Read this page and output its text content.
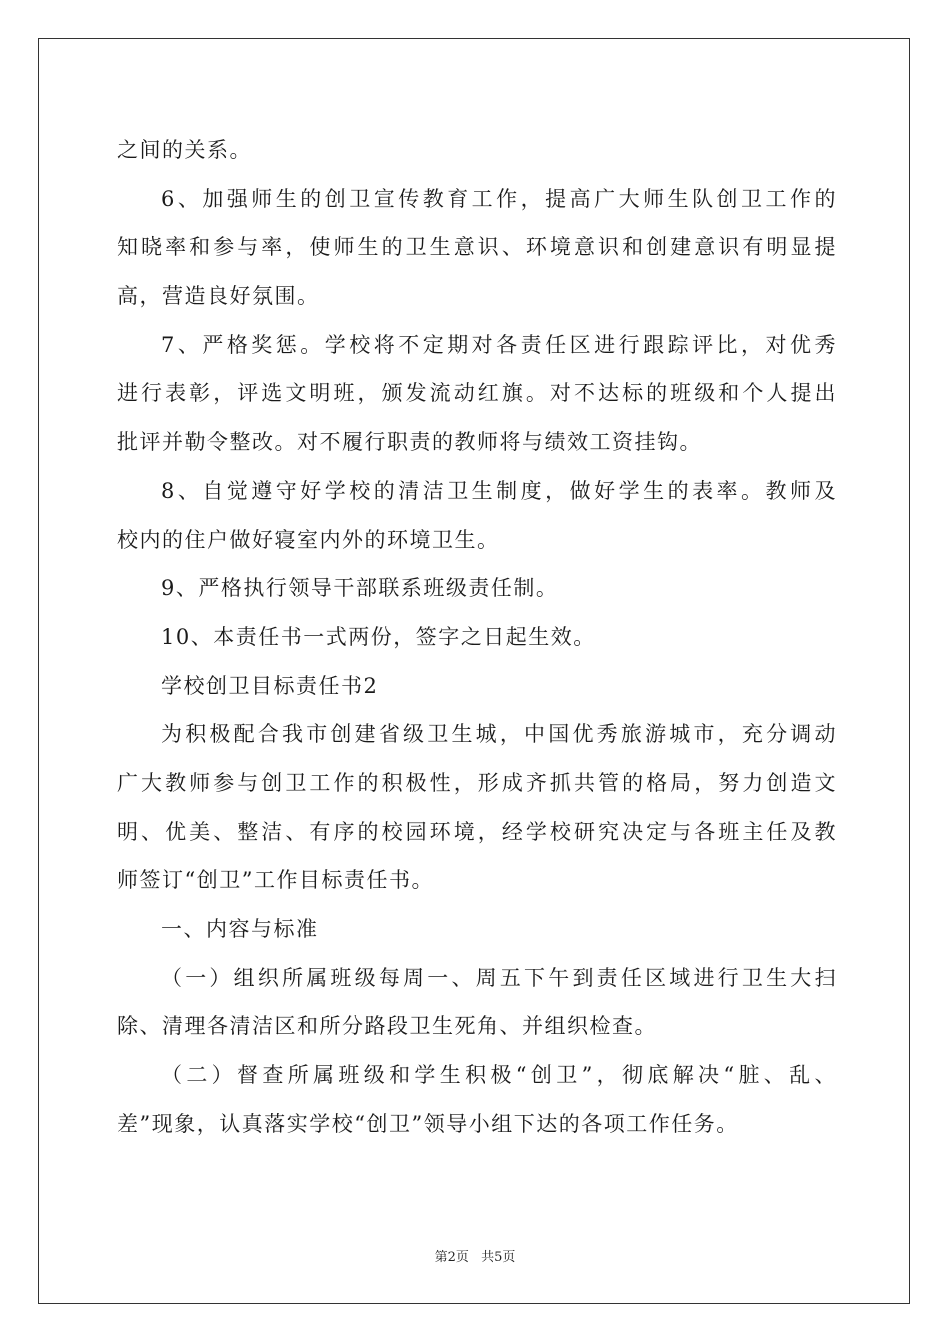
之间的关系。
6、加强师生的创卫宣传教育工作，提高广大师生队创卫工作的
知晓率和参与率，使师生的卫生意识、环境意识和创建意识有明显提
高，营造良好氛围。
7、严格奖惩。学校将不定期对各责任区进行跟踪评比，对优秀
进行表彰，评选文明班，颁发流动红旗。对不达标的班级和个人提出
批评并勒令整改。对不履行职责的教师将与绩效工资挂钩。
8、自觉遵守好学校的清洁卫生制度，做好学生的表率。教师及
校内的住户做好寝室内外的环境卫生。
9、严格执行领导干部联系班级责任制。
10、本责任书一式两份，签字之日起生效。
学校创卫目标责任书2
为积极配合我市创建省级卫生城，中国优秀旅游城市，充分调动
广大教师参与创卫工作的积极性，形成齐抓共管的格局，努力创造文
明、优美、整洁、有序的校园环境，经学校研究决定与各班主任及教
师签订“创卫”工作目标责任书。
一、内容与标准
（一）组织所属班级每周一、周五下午到责任区域进行卫生大扫
除、清理各清洁区和所分路段卫生死角、并组织检查。
（二）督查所属班级和学生积极“创卫”，彻底解决“脏、乱、
差”现象，认真落实学校“创卫”领导小组下达的各项工作任务。
第2页 共5页
